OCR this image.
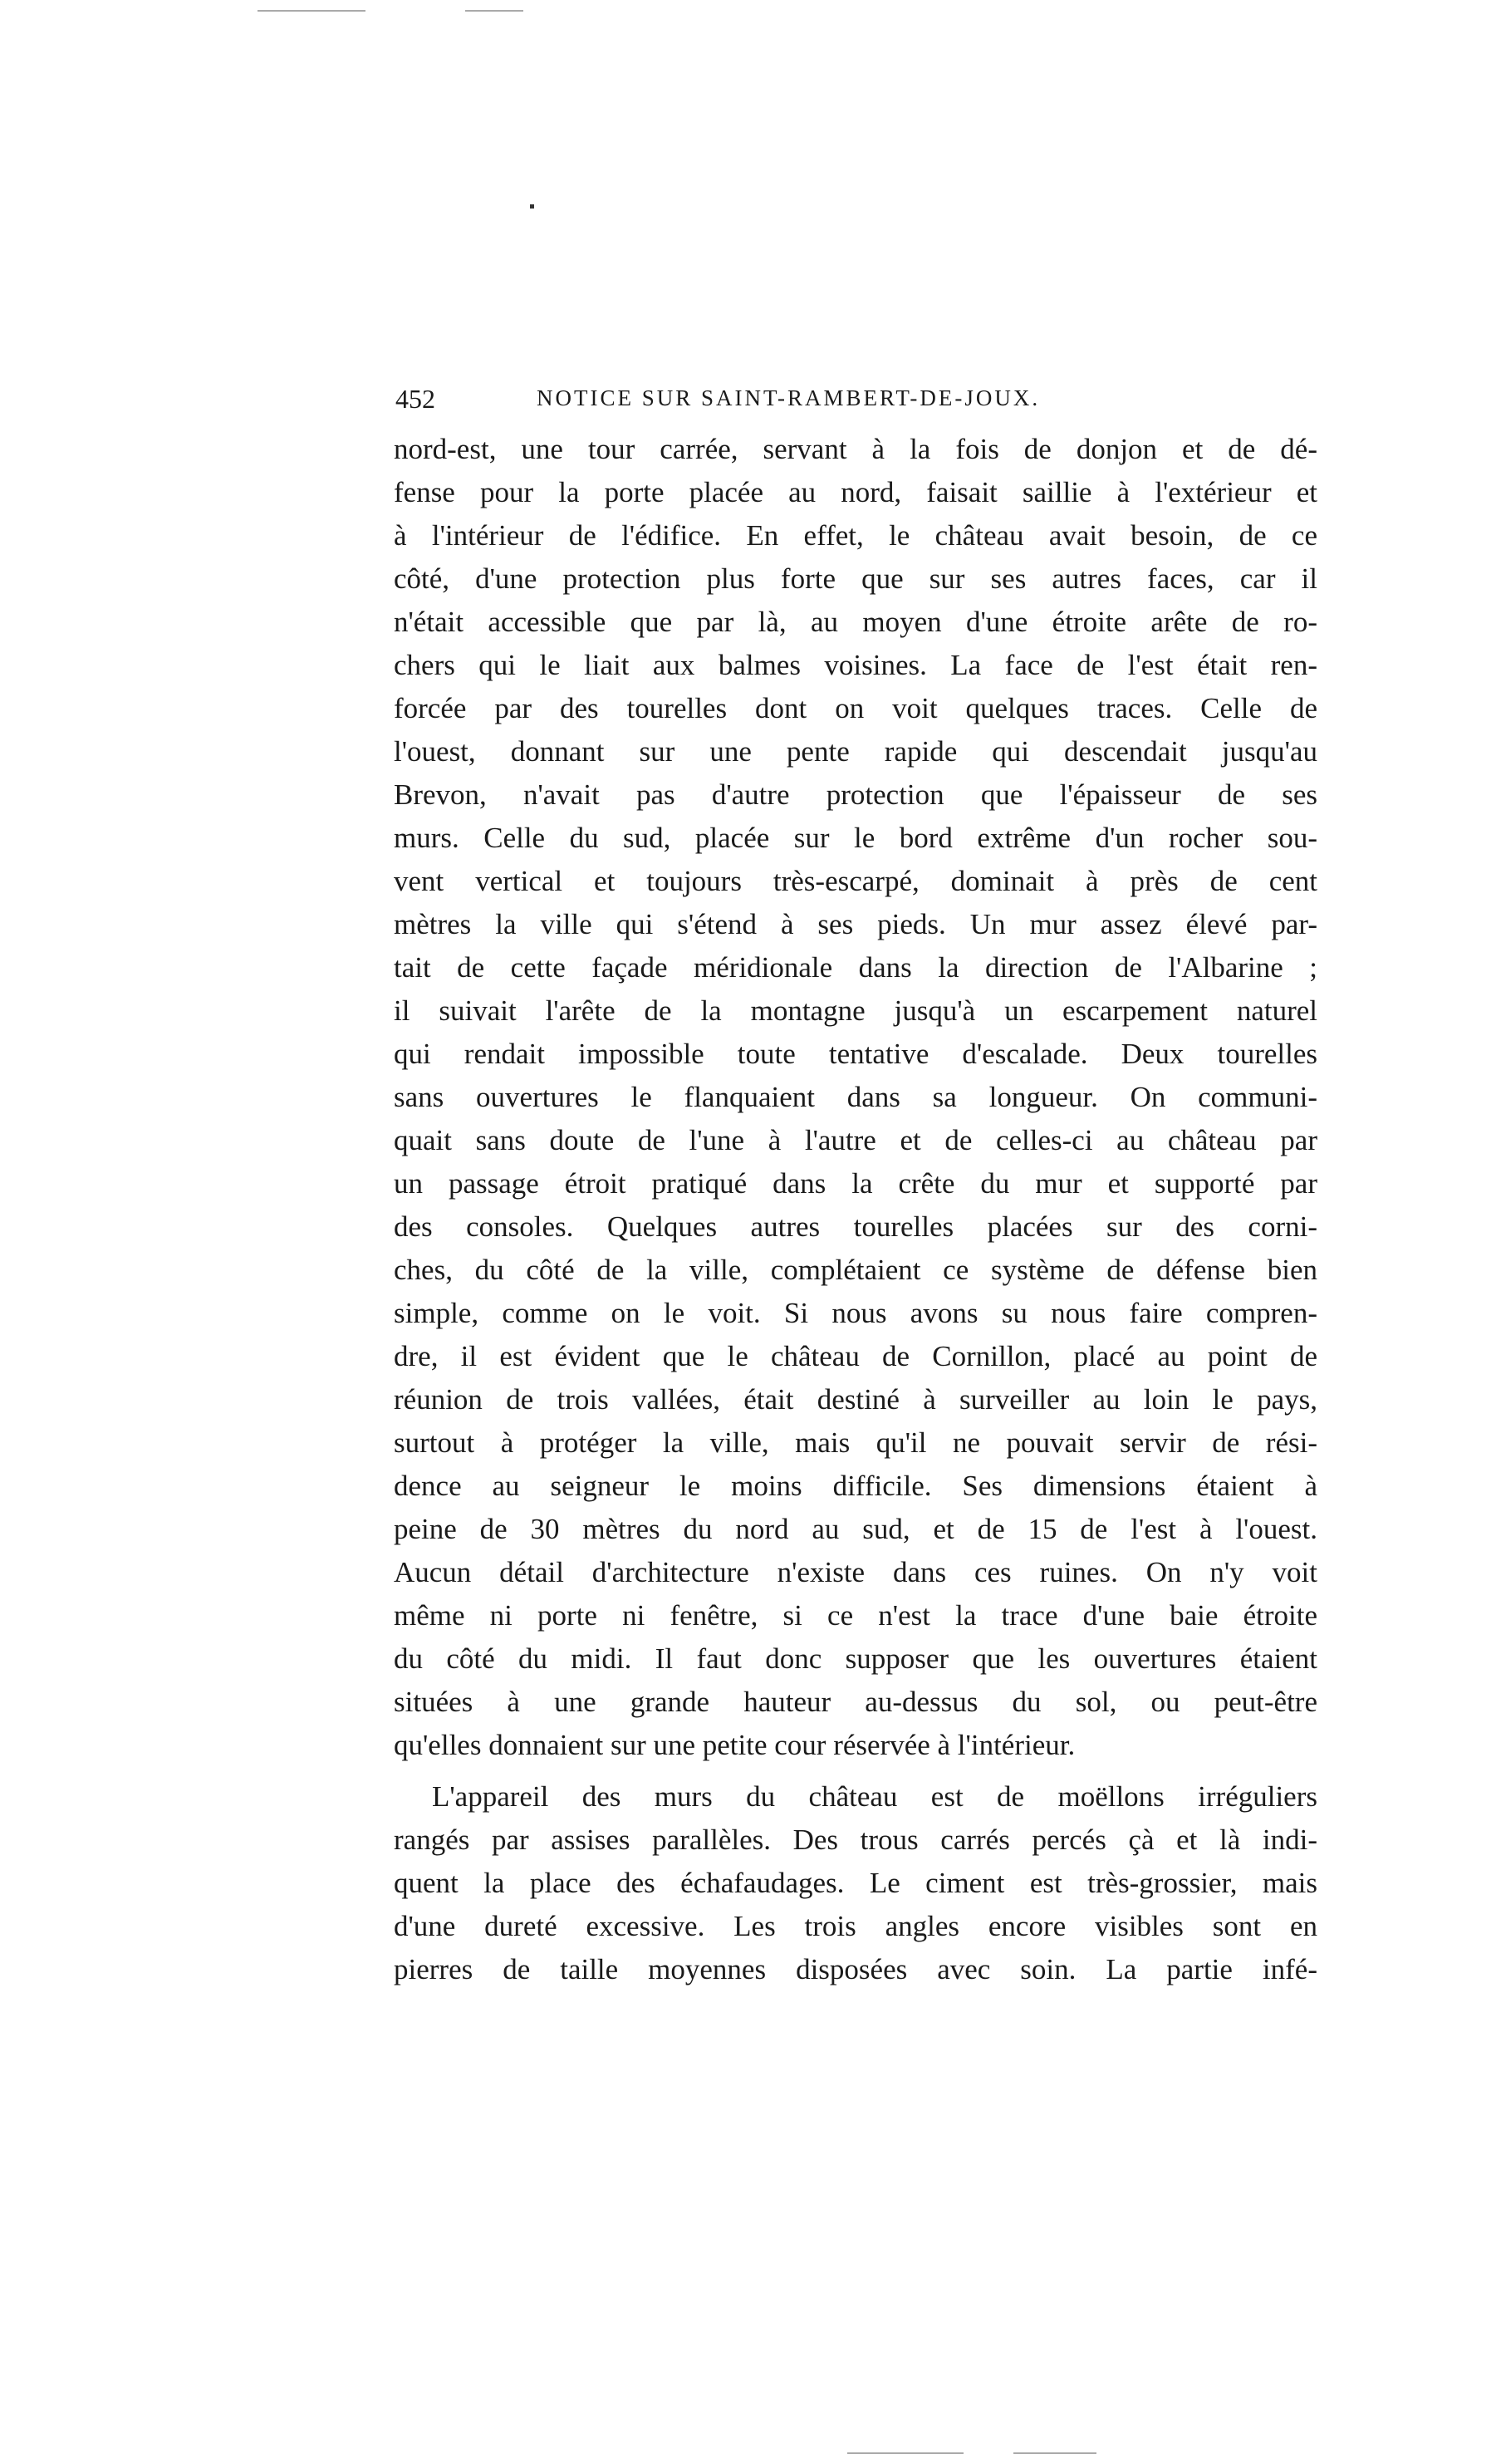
452	NOTICE SUR SAINT-RAMBERT-DE-JOUX.
nord-est, une tour carrée, servant à la fois de donjon et de dé-
fense pour la porte placée au nord, faisait saillie à l'extérieur et
à l'intérieur de l'édifice. En effet, le château avait besoin, de ce
côté, d'une protection plus forte que sur ses autres faces, car il
n'était accessible que par là, au moyen d'une étroite arête de ro-
chers qui le liait aux balmes voisines. La face de l'est était ren-
forcée par des tourelles dont on voit quelques traces. Celle de
l'ouest, donnant sur une pente rapide qui descendait jusqu'au
Brevon, n'avait pas d'autre protection que l'épaisseur de ses
murs. Celle du sud, placée sur le bord extrême d'un rocher sou-
vent vertical et toujours très-escarpé, dominait à près de cent
mètres la ville qui s'étend à ses pieds. Un mur assez élevé par-
tait de cette façade méridionale dans la direction de l'Albarine ;
il suivait l'arête de la montagne jusqu'à un escarpement naturel
qui rendait impossible toute tentative d'escalade. Deux tourelles
sans ouvertures le flanquaient dans sa longueur. On communi-
quait sans doute de l'une à l'autre et de celles-ci au château par
un passage étroit pratiqué dans la crête du mur et supporté par
des consoles. Quelques autres tourelles placées sur des corni-
ches, du côté de la ville, complétaient ce système de défense bien
simple, comme on le voit. Si nous avons su nous faire compren-
dre, il est évident que le château de Cornillon, placé au point de
réunion de trois vallées, était destiné à surveiller au loin le pays,
surtout à protéger la ville, mais qu'il ne pouvait servir de rési-
dence au seigneur le moins difficile. Ses dimensions étaient à
peine de 30 mètres du nord au sud, et de 15 de l'est à l'ouest.
Aucun détail d'architecture n'existe dans ces ruines. On n'y voit
même ni porte ni fenêtre, si ce n'est la trace d'une baie étroite
du côté du midi. Il faut donc supposer que les ouvertures étaient
situées à une grande hauteur au-dessus du sol, ou peut-être
qu'elles donnaient sur une petite cour réservée à l'intérieur.
L'appareil des murs du château est de moëllons irréguliers
rangés par assises parallèles. Des trous carrés percés çà et là indi-
quent la place des échafaudages. Le ciment est très-grossier, mais
d'une dureté excessive. Les trois angles encore visibles sont en
pierres de taille moyennes disposées avec soin. La partie infé-
